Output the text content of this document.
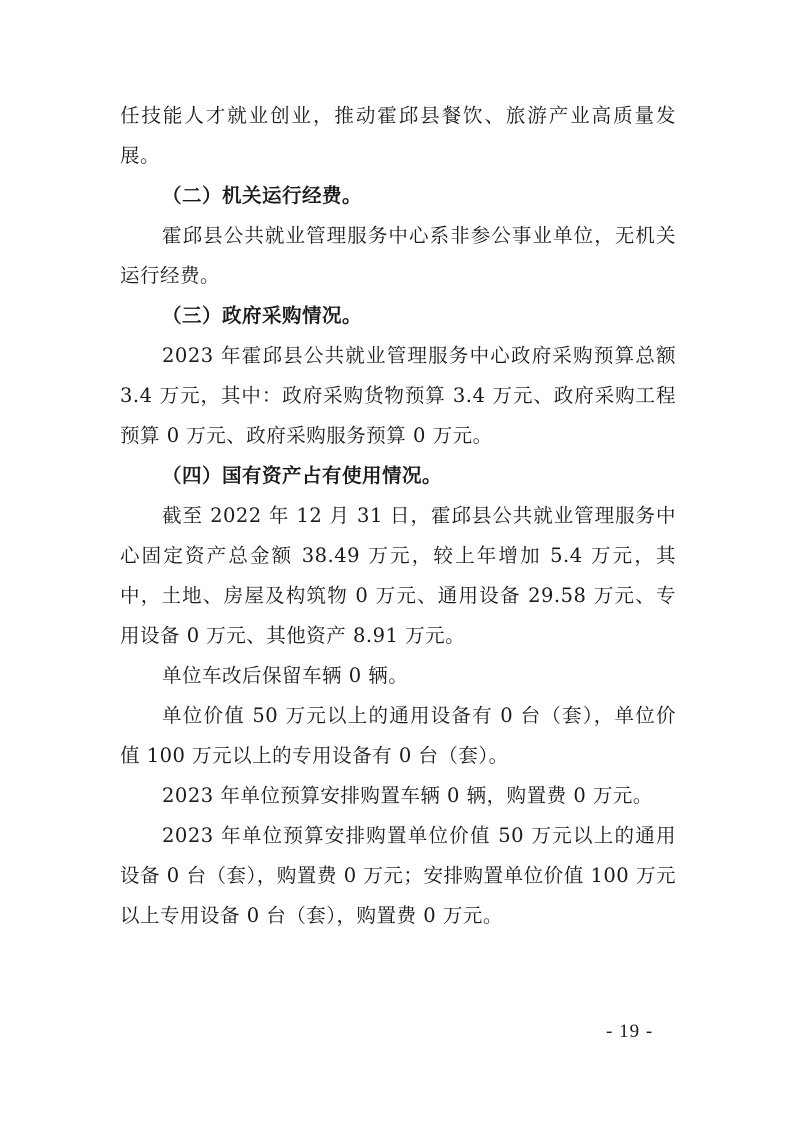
任技能人才就业创业，推动霍邱县餐饮、旅游产业高质量发展。

（二）机关运行经费。

霍邱县公共就业管理服务中心系非参公事业单位，无机关运行经费。

（三）政府采购情况。

2023 年霍邱县公共就业管理服务中心政府采购预算总额 3.4 万元，其中：政府采购货物预算 3.4 万元、政府采购工程预算 0 万元、政府采购服务预算 0 万元。

（四）国有资产占有使用情况。

截至 2022 年 12 月 31 日，霍邱县公共就业管理服务中心固定资产总金额 38.49 万元，较上年增加 5.4 万元，其中，土地、房屋及构筑物 0 万元、通用设备 29.58 万元、专用设备 0 万元、其他资产 8.91 万元。

单位车改后保留车辆 0 辆。

单位价值 50 万元以上的通用设备有 0 台（套），单位价值 100 万元以上的专用设备有 0 台（套）。

2023 年单位预算安排购置车辆 0 辆，购置费 0 万元。

2023 年单位预算安排购置单位价值 50 万元以上的通用设备 0 台（套），购置费 0 万元；安排购置单位价值 100 万元以上专用设备 0 台（套），购置费 0 万元。

- 19 -
